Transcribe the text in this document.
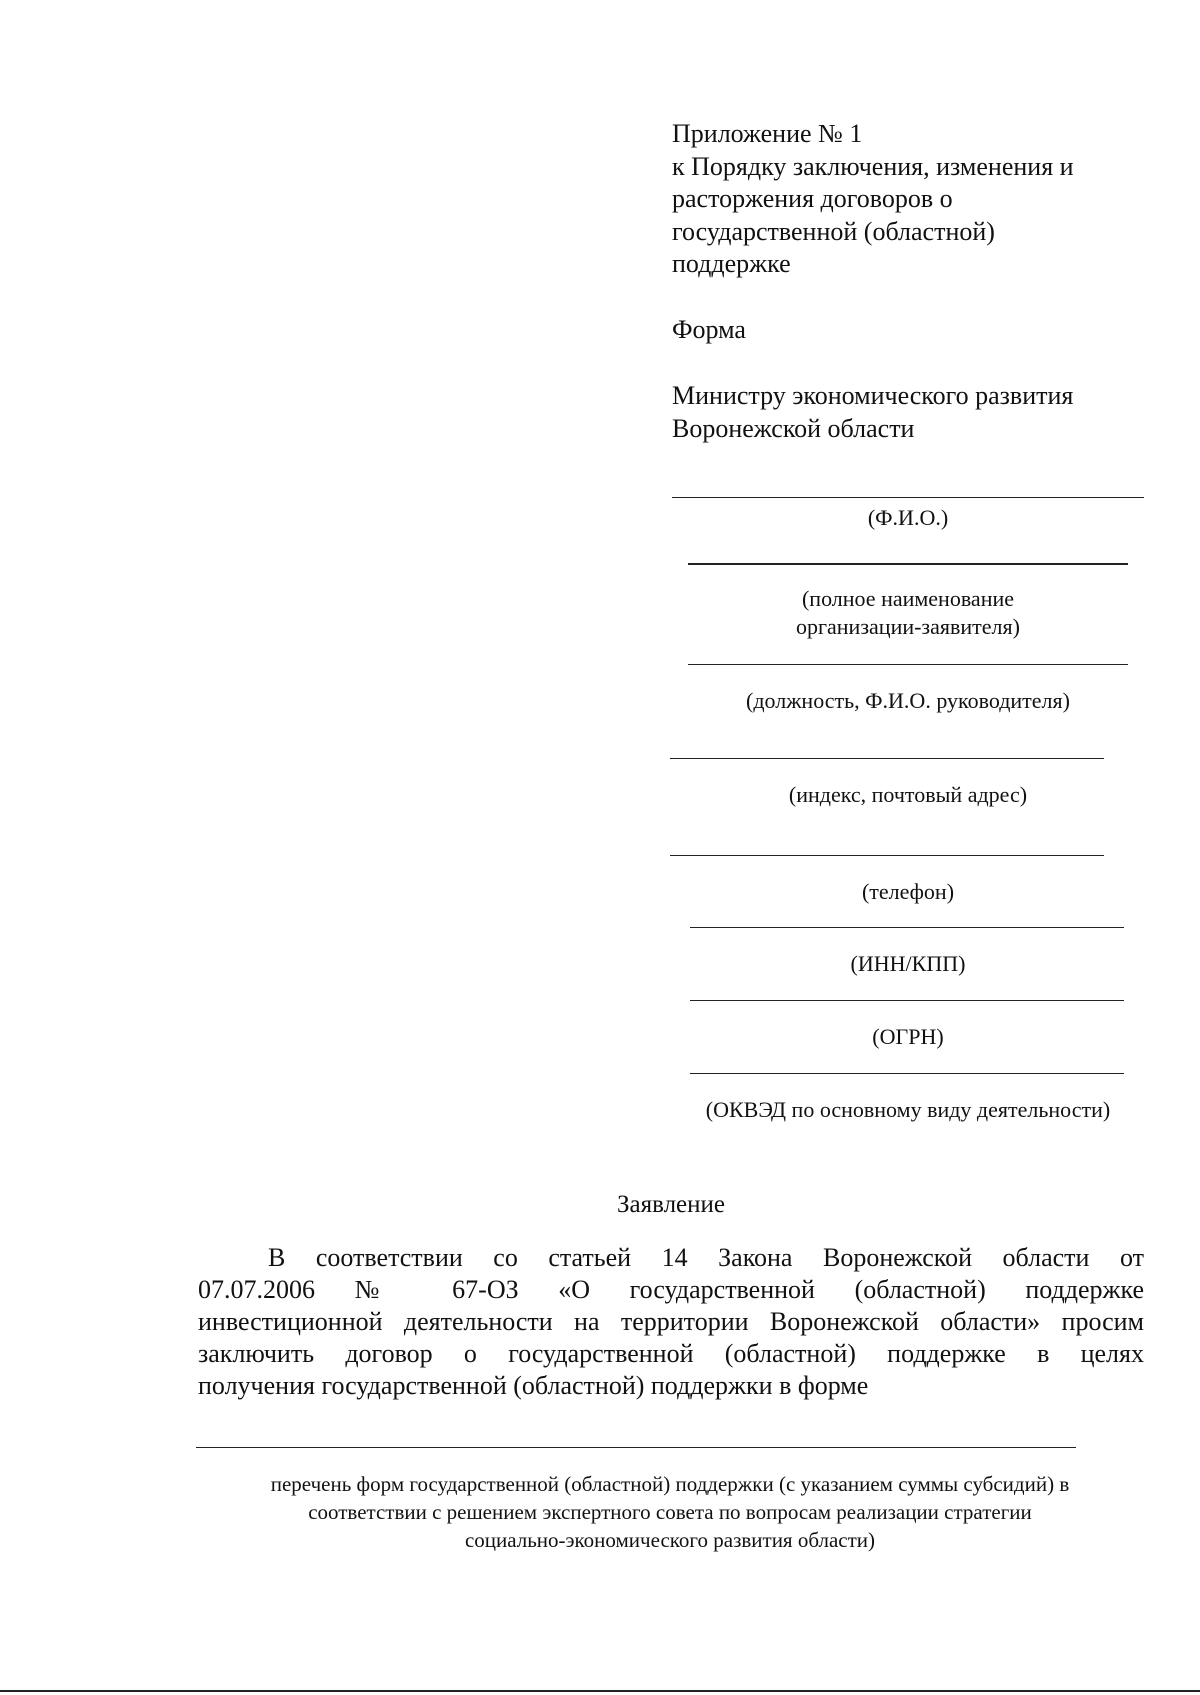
Приложение № 1
к Порядку заключения, изменения и
расторжения договоров о
государственной (областной)
поддержке
Форма
Министру экономического развития
Воронежской области
(Ф.И.О.)
(полное наименование
организации-заявителя)
(должность, Ф.И.О. руководителя)
(индекс, почтовый адрес)
(телефон)
(ИНН/КПП)
(ОГРН)
(ОКВЭД по основному виду деятельности)
Заявление
В соответствии со статьей 14 Закона Воронежской области от
07.07.2006 № 67-ОЗ «О государственной (областной) поддержке
инвестиционной деятельности на территории Воронежской области» просим
заключить договор о государственной (областной) поддержке в целях
получения государственной (областной) поддержки в форме
перечень форм государственной (областной) поддержки (с указанием суммы субсидий) в
соответствии с решением экспертного совета по вопросам реализации стратегии
социально-экономического развития области)
